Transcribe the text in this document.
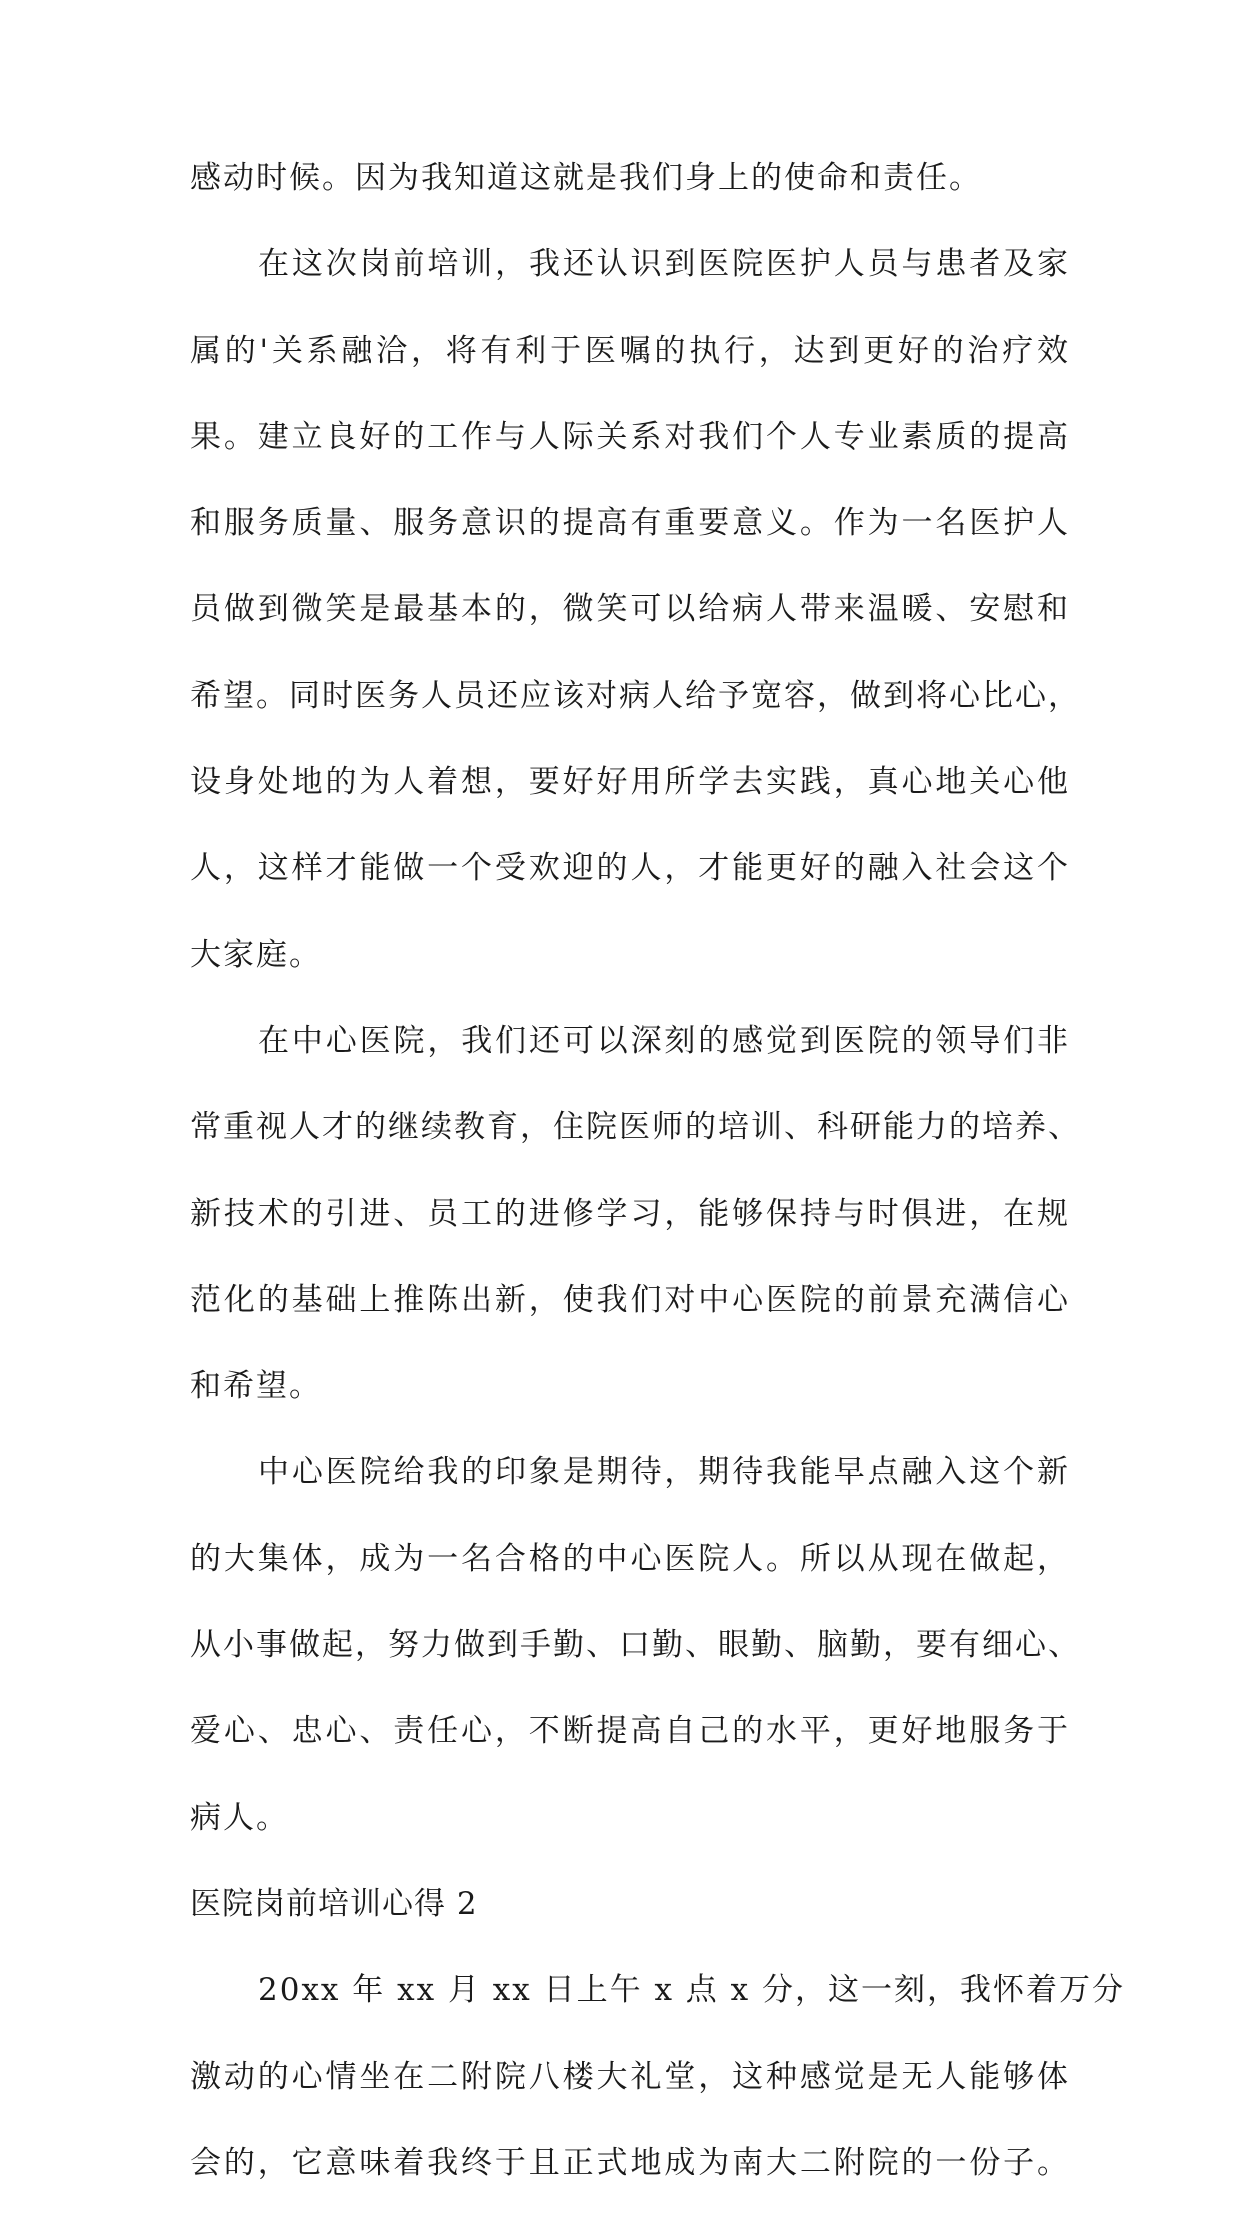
感动时候。因为我知道这就是我们身上的使命和责任。
在这次岗前培训，我还认识到医院医护人员与患者及家
属的'关系融洽，将有利于医嘱的执行，达到更好的治疗效
果。建立良好的工作与人际关系对我们个人专业素质的提高
和服务质量、服务意识的提高有重要意义。作为一名医护人
员做到微笑是最基本的，微笑可以给病人带来温暖、安慰和
希望。同时医务人员还应该对病人给予宽容，做到将心比心，
设身处地的为人着想，要好好用所学去实践，真心地关心他
人，这样才能做一个受欢迎的人，才能更好的融入社会这个
大家庭。
在中心医院，我们还可以深刻的感觉到医院的领导们非
常重视人才的继续教育，住院医师的培训、科研能力的培养、
新技术的引进、员工的进修学习，能够保持与时俱进，在规
范化的基础上推陈出新，使我们对中心医院的前景充满信心
和希望。
中心医院给我的印象是期待，期待我能早点融入这个新
的大集体，成为一名合格的中心医院人。所以从现在做起，
从小事做起，努力做到手勤、口勤、眼勤、脑勤，要有细心、
爱心、忠心、责任心，不断提高自己的水平，更好地服务于
病人。
医院岗前培训心得 2
20xx 年 xx 月 xx 日上午 x 点 x 分，这一刻，我怀着万分
激动的心情坐在二附院八楼大礼堂，这种感觉是无人能够体
会的，它意味着我终于且正式地成为南大二附院的一份子。
